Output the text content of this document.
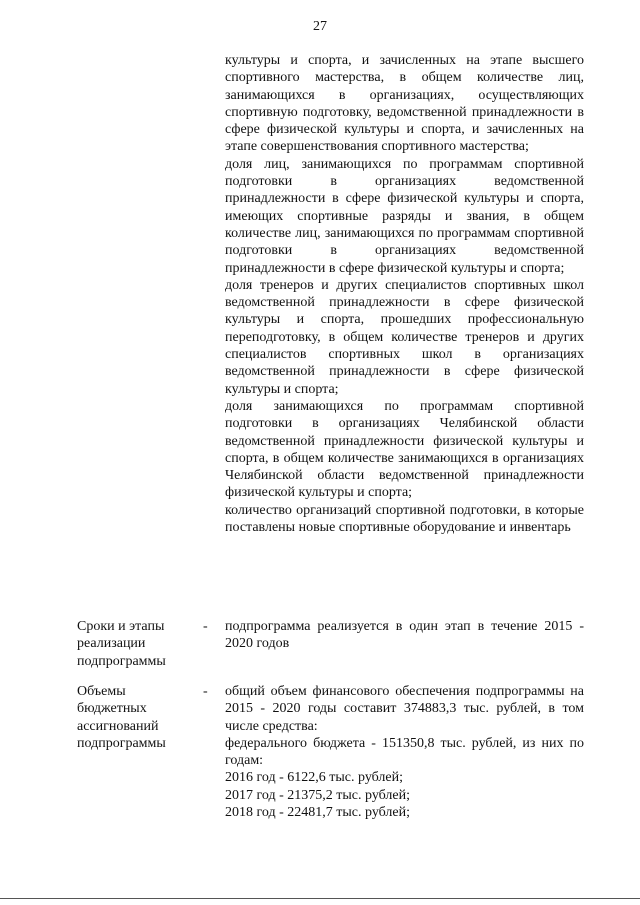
27

культуры и спорта, и зачисленных на этапе высшего спортивного мастерства, в общем количестве лиц, занимающихся в организациях, осуществляющих спортивную подготовку, ведомственной принадлежности в сфере физической культуры и спорта, и зачисленных на этапе совершенствования спортивного мастерства;

доля лиц, занимающихся по программам спортивной подготовки в организациях ведомственной принадлежности в сфере физической культуры и спорта, имеющих спортивные разряды и звания, в общем количестве лиц, занимающихся по программам спортивной подготовки в организациях ведомственной принадлежности в сфере физической культуры и спорта;

доля тренеров и других специалистов спортивных школ ведомственной принадлежности в сфере физической культуры и спорта, прошедших профессиональную переподготовку, в общем количестве тренеров и других специалистов спортивных школ в организациях ведомственной принадлежности в сфере физической культуры и спорта;

доля занимающихся по программам спортивной подготовки в организациях Челябинской области ведомственной принадлежности физической культуры и спорта, в общем количестве занимающихся в организациях Челябинской области ведомственной принадлежности физической культуры и спорта;

количество организаций спортивной подготовки, в которые поставлены новые спортивные оборудование и инвентарь

Сроки и этапы реализации подпрограммы

- подпрограмма реализуется в один этап в течение 2015 - 2020 годов

Объемы бюджетных ассигнований подпрограммы

- общий объем финансового обеспечения подпрограммы на 2015 - 2020 годы составит 374883,3 тыс. рублей, в том числе средства:

федерального бюджета - 151350,8 тыс. рублей, из них по годам:

2016 год - 6122,6 тыс. рублей;

2017 год - 21375,2 тыс. рублей;

2018 год - 22481,7 тыс. рублей;
